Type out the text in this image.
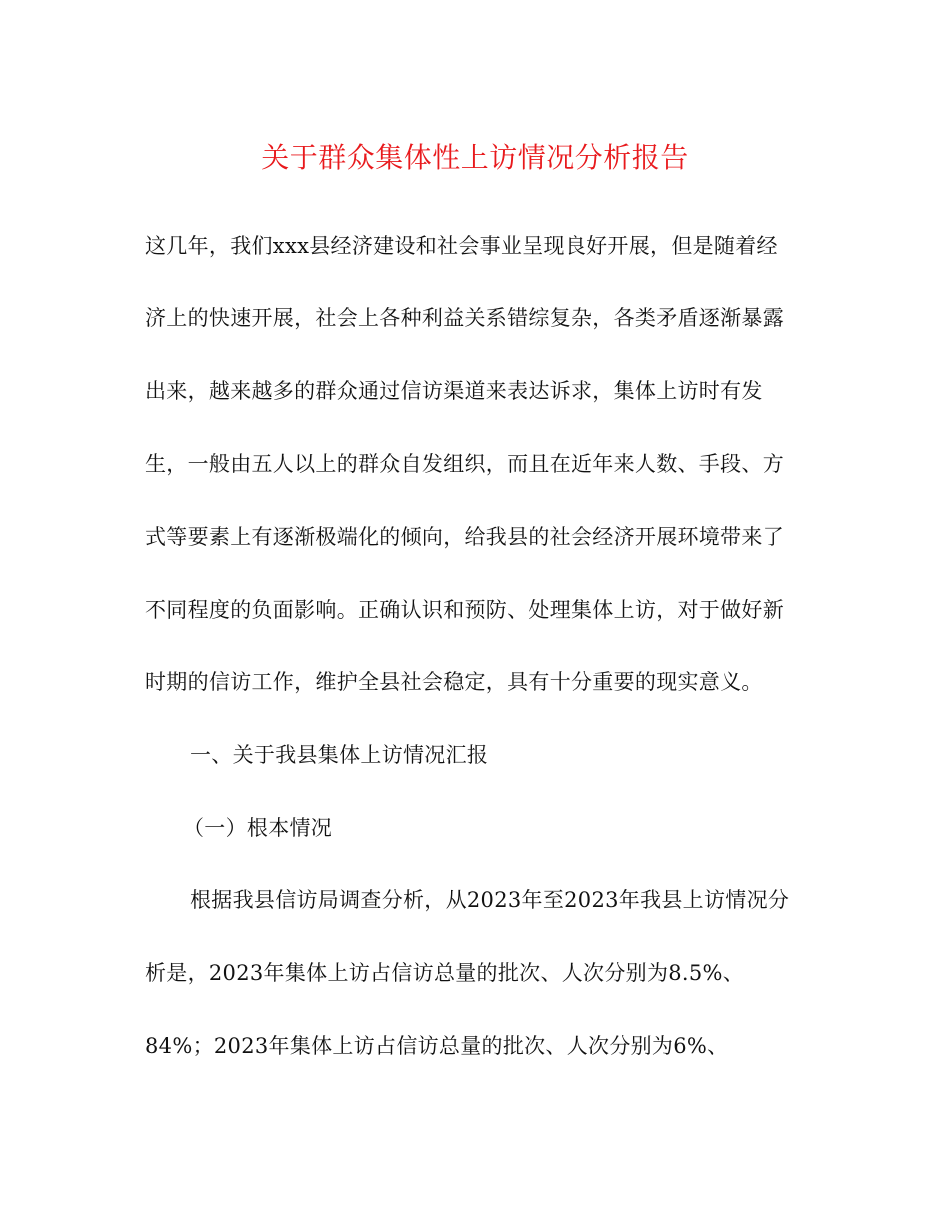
关于群众集体性上访情况分析报告
这几年，我们xxx县经济建设和社会事业呈现良好开展，但是随着经
济上的快速开展，社会上各种利益关系错综复杂，各类矛盾逐渐暴露
出来，越来越多的群众通过信访渠道来表达诉求，集体上访时有发
生，一般由五人以上的群众自发组织，而且在近年来人数、手段、方
式等要素上有逐渐极端化的倾向，给我县的社会经济开展环境带来了
不同程度的负面影响。正确认识和预防、处理集体上访，对于做好新
时期的信访工作，维护全县社会稳定，具有十分重要的现实意义。
一、关于我县集体上访情况汇报
（一）根本情况
根据我县信访局调查分析，从2023年至2023年我县上访情况分
析是，2023年集体上访占信访总量的批次、人次分别为8.5%、
84%；2023年集体上访占信访总量的批次、人次分别为6%、
